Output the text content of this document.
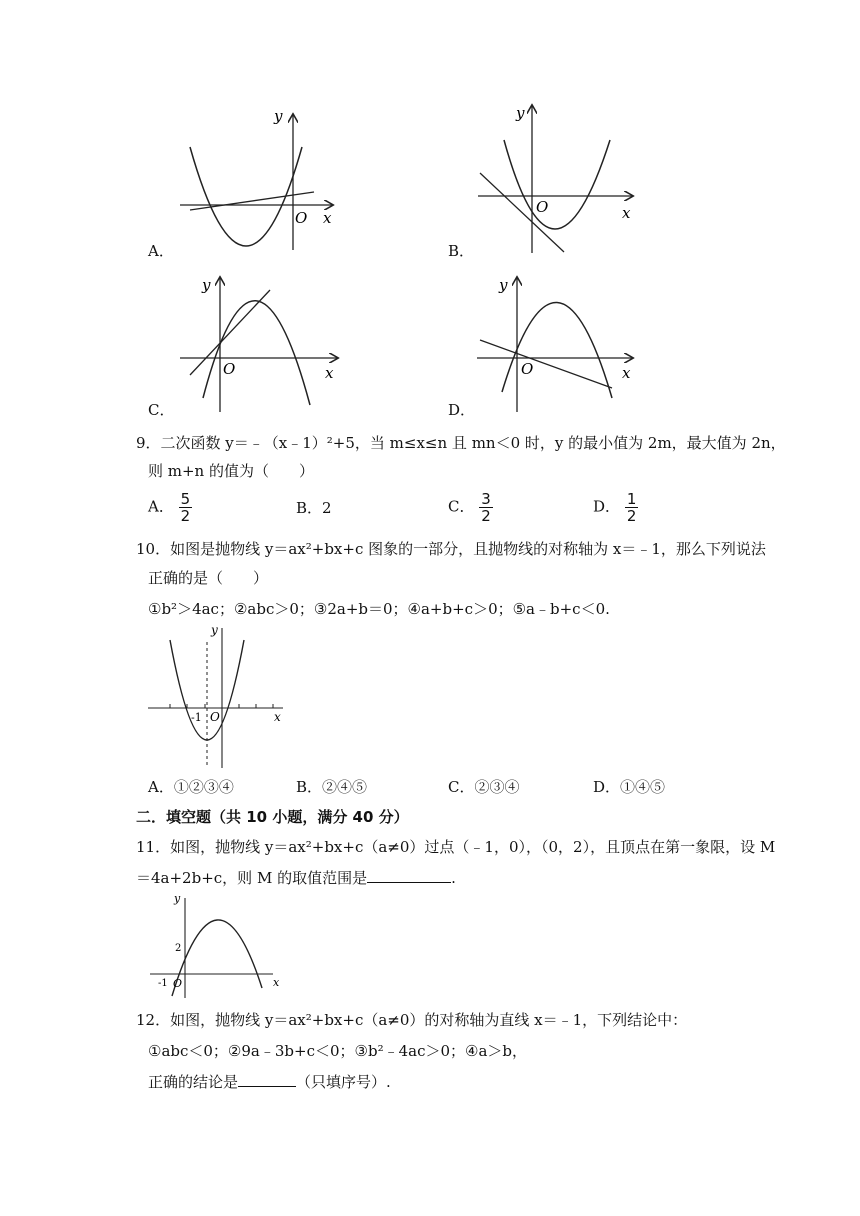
y
x
O
A．
y
x
O
B．
y
x
O
C．
y
x
O
D．
9．二次函数 y＝﹣（x﹣1）²+5，当 m≤x≤n 且 mn＜0 时，y 的最小值为 2m，最大值为 2n，
则 m+n 的值为（　　）
A． $\frac{5}{2}$	B．2	C． $\frac{3}{2}$	D． $\frac{1}{2}$
10．如图是抛物线 y＝ax²+bx+c 图象的一部分，且抛物线的对称轴为 x＝﹣1，那么下列说法
正确的是（　　）
①b²＞4ac；②abc＞0；③2a+b＝0；④a+b+c＞0；⑤a﹣b+c＜0.
y
x
O
-1
A．①②③④	B．②④⑤	C．②③④	D．①④⑤
二．填空题（共 10 小题，满分 40 分）
11．如图，抛物线 y＝ax²+bx+c（a≠0）过点（﹣1，0），（0，2），且顶点在第一象限，设 M
＝4a+2b+c，则 M 的取值范围是	.
y
x
O
-1
2
12．如图，抛物线 y＝ax²+bx+c（a≠0）的对称轴为直线 x＝﹣1，下列结论中：
①abc＜0；②9a﹣3b+c＜0；③b²﹣4ac＞0；④a＞b，
正确的结论是	（只填序号）.
